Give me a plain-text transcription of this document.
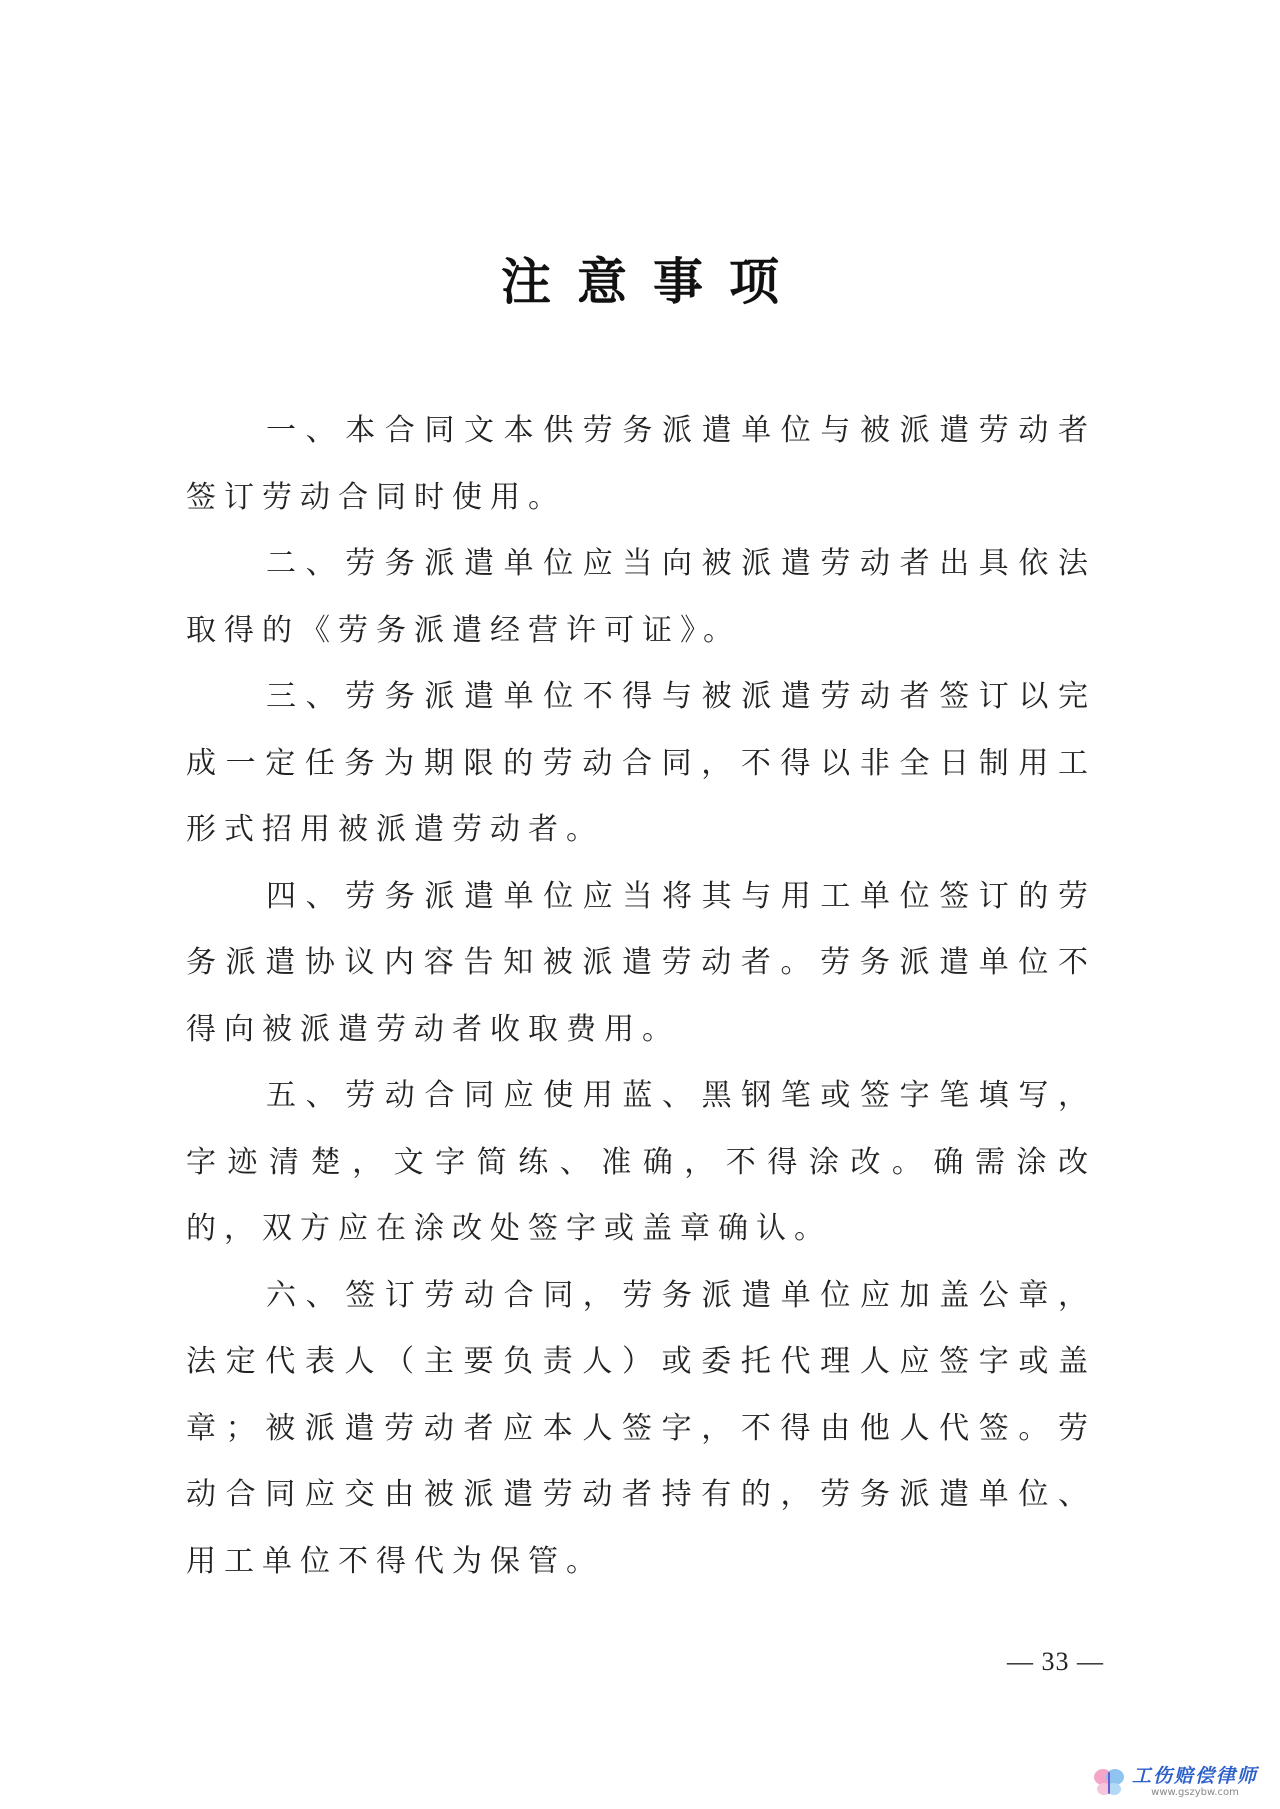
注意事项

一、本合同文本供劳务派遣单位与被派遣劳动者签订劳动合同时使用。

二、劳务派遣单位应当向被派遣劳动者出具依法取得的《劳务派遣经营许可证》。

三、劳务派遣单位不得与被派遣劳动者签订以完成一定任务为期限的劳动合同，不得以非全日制用工形式招用被派遣劳动者。

四、劳务派遣单位应当将其与用工单位签订的劳务派遣协议内容告知被派遣劳动者。劳务派遣单位不得向被派遣劳动者收取费用。

五、劳动合同应使用蓝、黑钢笔或签字笔填写，字迹清楚，文字简练、准确，不得涂改。确需涂改的，双方应在涂改处签字或盖章确认。

六、签订劳动合同，劳务派遣单位应加盖公章，法定代表人（主要负责人）或委托代理人应签字或盖章；被派遣劳动者应本人签字，不得由他人代签。劳动合同应交由被派遣劳动者持有的，劳务派遣单位、用工单位不得代为保管。

— 33 —
工伤赔偿律师
www.gszybw.com
